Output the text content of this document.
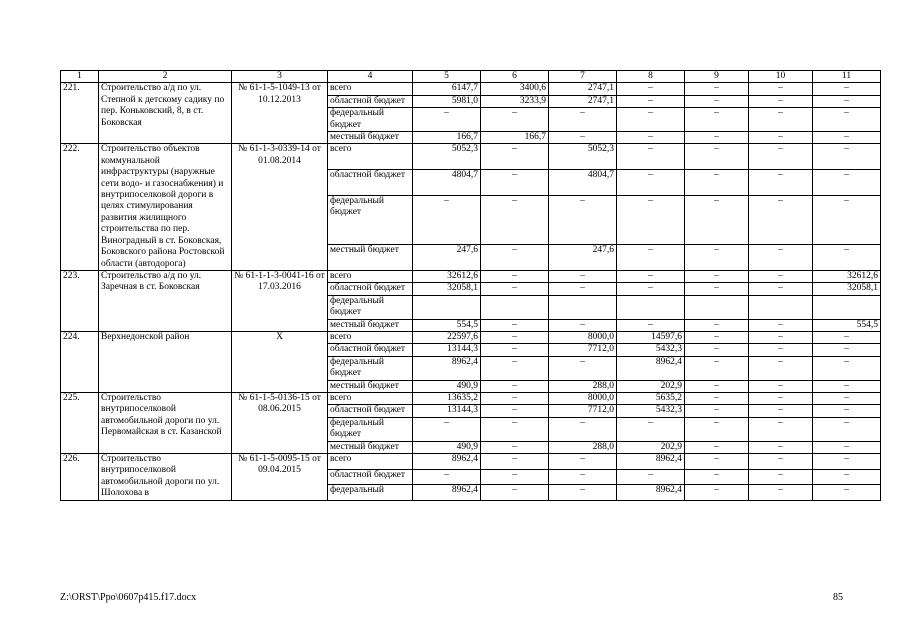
1	2	3	4	5	6	7	8	9	10	11
221.	Строительство а/д по ул. Степной к детскому садику по пер. Коньковский, 8, в ст. Боковская	№ 61-1-5-1049-13 от 10.12.2013	всего	6147,7	3400,6	2747,1	–	–	–	–
			областной бюджет	5981,0	3233,9	2747,1	–	–	–	–
			федеральный бюджет	–	–	–	–	–	–	–
			местный бюджет	166,7	166,7	–	–	–	–	–
222.	Строительство объектов коммунальной инфраструктуры (наружные сети водо- и газоснабжения) и внутрипоселковой дороги в целях стимулирования развития жилищного строительства по пер. Виноградный в ст. Боковская, Боковского района Ростовской области (автодорога)	№ 61-1-3-0339-14 от 01.08.2014	всего	5052,3	–	5052,3	–	–	–	–
			областной бюджет	4804,7	–	4804,7	–	–	–	–
			федеральный бюджет	–	–	–	–	–	–	–
			местный бюджет	247,6	–	247,6	–	–	–	–
223.	Строительство а/д по ул. Заречная в ст. Боковская	№ 61-1-1-3-0041-16 от 17.03.2016	всего	32612,6	–	–	–	–	–	32612,6
			областной бюджет	32058,1	–	–	–	–	–	32058,1
			федеральный бюджет							
			местный бюджет	554,5	–	–	–	–	–	554,5
224.	Верхнедонской район	Х	всего	22597,6	–	8000,0	14597,6	–	–	–
			областной бюджет	13144,3	–	7712,0	5432,3	–	–	–
			федеральный бюджет	8962,4	–	–	8962,4	–	–	–
			местный бюджет	490,9	–	288,0	202,9	–	–	–
225.	Строительство внутрипоселковой автомобильной дороги по ул. Первомайская в ст. Казанской	№ 61-1-5-0136-15 от 08.06.2015	всего	13635,2	–	8000,0	5635,2	–	–	–
			областной бюджет	13144,3	–	7712,0	5432,3	–	–	–
			федеральный бюджет	–	–	–	–	–	–	–
			местный бюджет	490,9	–	288,0	202,9	–	–	–
226.	Строительство внутрипоселковой автомобильной дороги по ул. Шолохова в	№ 61-1-5-0095-15 от 09.04.2015	всего	8962,4	–	–	8962,4	–	–	–
			областной бюджет	–	–	–	–	–	–	–
			федеральный	8962,4	–	–	8962,4	–	–	–
Z:\ORST\Ppo\0607p415.f17.docx	85
